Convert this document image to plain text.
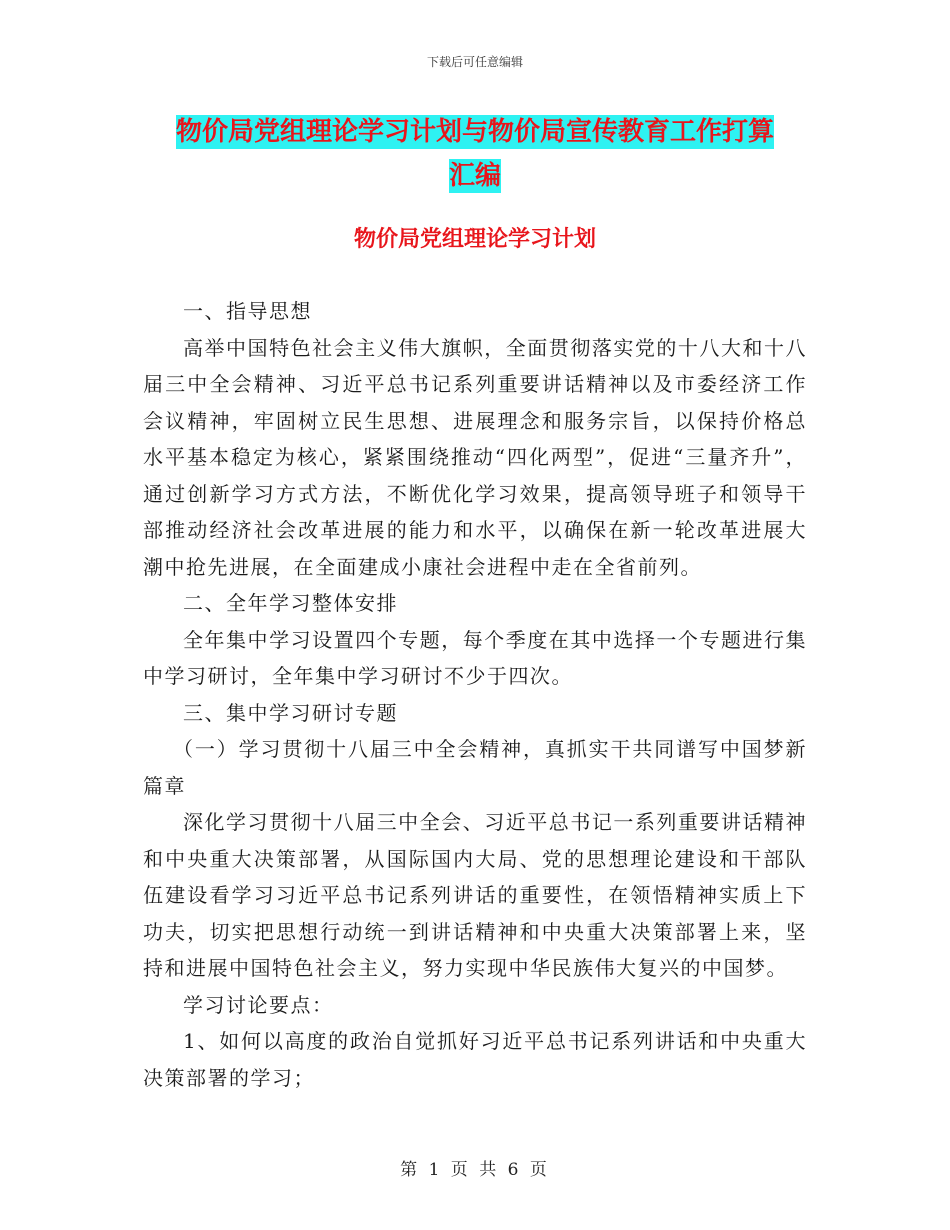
下载后可任意编辑
物价局党组理论学习计划与物价局宣传教育工作打算
汇编
物价局党组理论学习计划

一、指导思想

高举中国特色社会主义伟大旗帜，全面贯彻落实党的十八大和十八届三中全会精神、习近平总书记系列重要讲话精神以及市委经济工作会议精神，牢固树立民生思想、进展理念和服务宗旨，以保持价格总水平基本稳定为核心，紧紧围绕推动“四化两型”，促进“三量齐升”，通过创新学习方式方法，不断优化学习效果，提高领导班子和领导干部推动经济社会改革进展的能力和水平，以确保在新一轮改革进展大潮中抢先进展，在全面建成小康社会进程中走在全省前列。

二、全年学习整体安排

全年集中学习设置四个专题，每个季度在其中选择一个专题进行集中学习研讨，全年集中学习研讨不少于四次。

三、集中学习研讨专题

（一）学习贯彻十八届三中全会精神，真抓实干共同谱写中国梦新篇章

深化学习贯彻十八届三中全会、习近平总书记一系列重要讲话精神和中央重大决策部署，从国际国内大局、党的思想理论建设和干部队伍建设看学习习近平总书记系列讲话的重要性，在领悟精神实质上下功夫，切实把思想行动统一到讲话精神和中央重大决策部署上来，坚持和进展中国特色社会主义，努力实现中华民族伟大复兴的中国梦。

学习讨论要点：

1、如何以高度的政治自觉抓好习近平总书记系列讲话和中央重大决策部署的学习；

第 1 页 共 6 页
